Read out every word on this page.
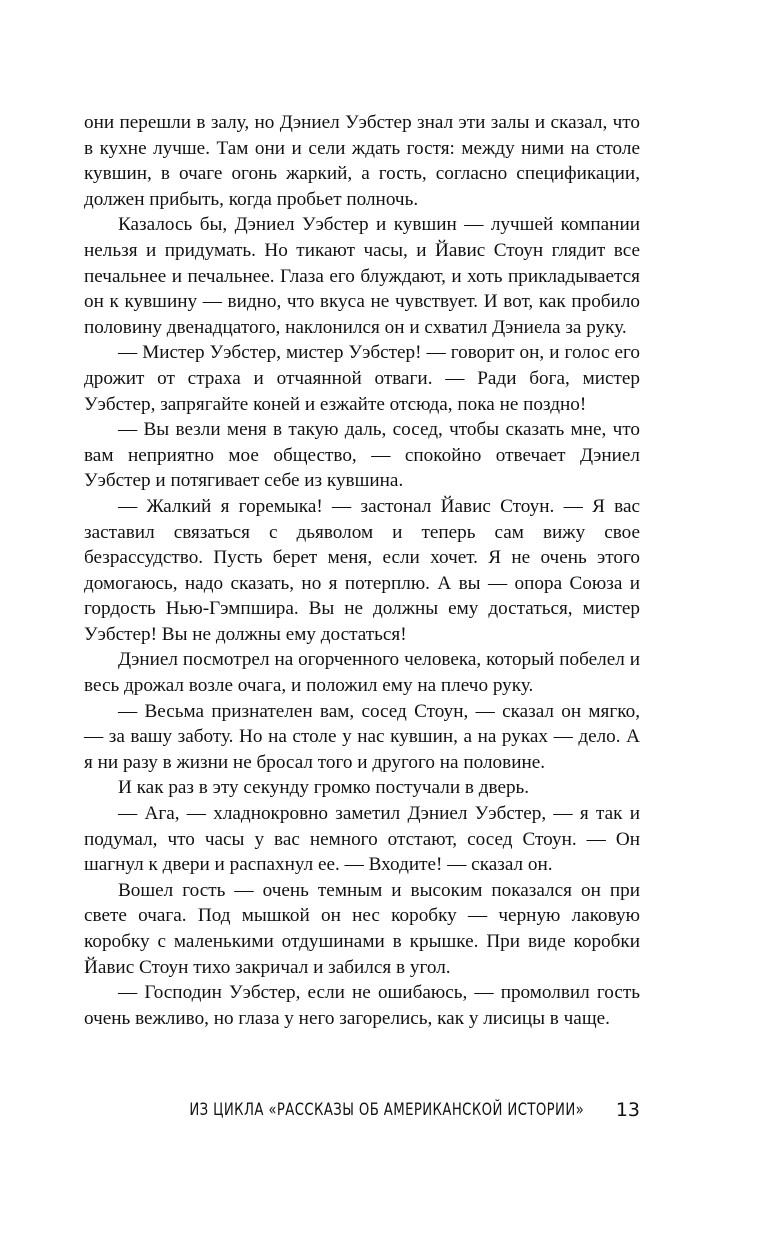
они перешли в залу, но Дэниел Уэбстер знал эти залы и сказал, что в кухне лучше. Там они и сели ждать гостя: между ними на столе кувшин, в очаге огонь жаркий, а гость, согласно спецификации, должен прибыть, когда пробьет полночь.

Казалось бы, Дэниел Уэбстер и кувшин — лучшей компании нельзя и придумать. Но тикают часы, и Йавис Стоун глядит все печальнее и печальнее. Глаза его блуждают, и хоть прикладывается он к кувшину — видно, что вкуса не чувствует. И вот, как пробило половину двенадцатого, наклонился он и схватил Дэниела за руку.

— Мистер Уэбстер, мистер Уэбстер! — говорит он, и голос его дрожит от страха и отчаянной отваги. — Ради бога, мистер Уэбстер, запрягайте коней и езжайте отсюда, пока не поздно!

— Вы везли меня в такую даль, сосед, чтобы сказать мне, что вам неприятно мое общество, — спокойно отвечает Дэниел Уэбстер и потягивает себе из кувшина.

— Жалкий я горемыка! — застонал Йавис Стоун. — Я вас заставил связаться с дьяволом и теперь сам вижу свое безрассудство. Пусть берет меня, если хочет. Я не очень этого домогаюсь, надо сказать, но я потерплю. А вы — опора Союза и гордость Нью-Гэмпшира. Вы не должны ему достаться, мистер Уэбстер! Вы не должны ему достаться!

Дэниел посмотрел на огорченного человека, который побелел и весь дрожал возле очага, и положил ему на плечо руку.

— Весьма признателен вам, сосед Стоун, — сказал он мягко, — за вашу заботу. Но на столе у нас кувшин, а на руках — дело. А я ни разу в жизни не бросал того и другого на половине.

И как раз в эту секунду громко постучали в дверь.

— Ага, — хладнокровно заметил Дэниел Уэбстер, — я так и подумал, что часы у вас немного отстают, сосед Стоун. — Он шагнул к двери и распахнул ее. — Входите! — сказал он.

Вошел гость — очень темным и высоким показался он при свете очага. Под мышкой он нес коробку — черную лаковую коробку с маленькими отдушинами в крышке. При виде коробки Йавис Стоун тихо закричал и забился в угол.

— Господин Уэбстер, если не ошибаюсь, — промолвил гость очень вежливо, но глаза у него загорелись, как у лисицы в чаще.

ИЗ ЦИКЛА «РАССКАЗЫ ОБ АМЕРИКАНСКОЙ ИСТОРИИ» 13
